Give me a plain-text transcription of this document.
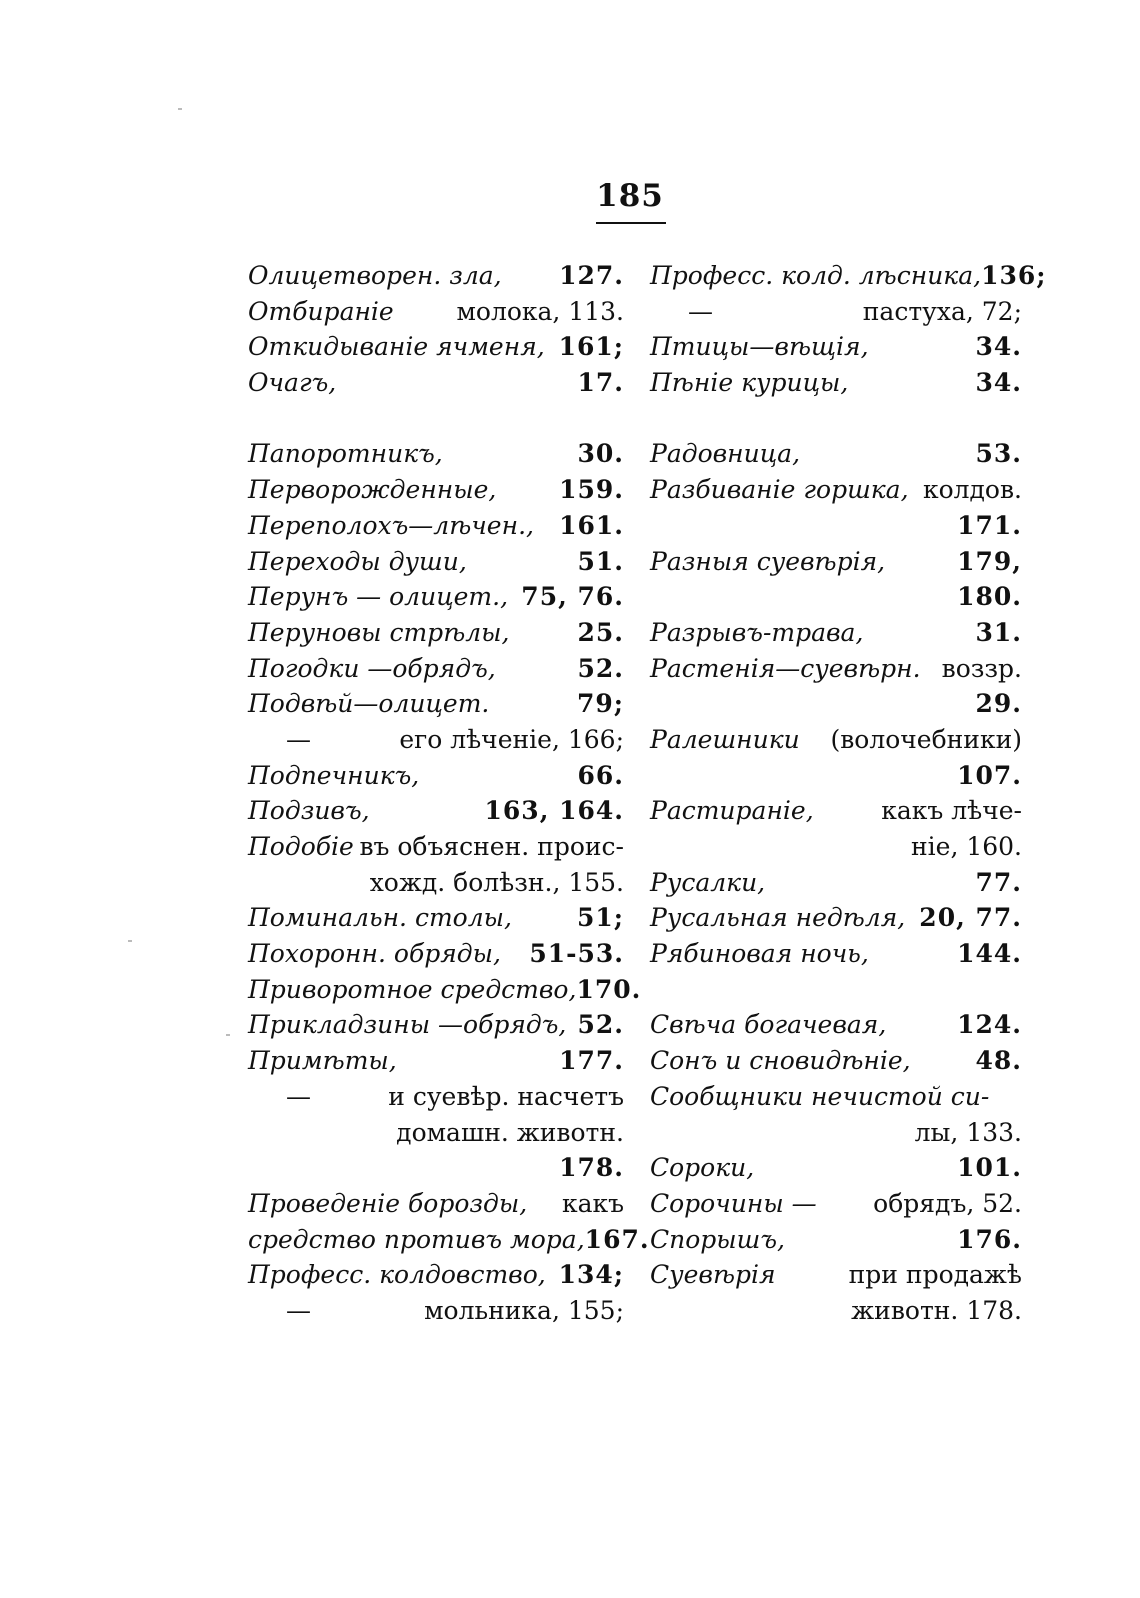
185
Олицетворен. зла, 127.
Отбираніе	молока, 113.
Откидываніе ячменя, 161;
Очагъ,	17.
Папоротникъ,	30.
Перворожденные,	159.
Переполохъ—лѣчен., 161.
Переходы души,	51.
Перунъ — олицет., 75, 76.
Перуновы стрѣлы,	25.
Погодки —обрядъ,	52.
Подвѣй—олицет.	79;
—	его лѣченіе, 166;
Подпечникъ,	66.
Подзивъ,	163, 164.
Подобіе въ объяснен. проис-
хожд. болѣзн., 155.
Поминальн. столы,	51;
Похоронн. обряды, 51-53.
Приворотное средство, 170.
Прикладзины —обрядъ, 52.
Примѣты,	177.
—	и суевѣр. насчетъ
домашн. животн.
178.
Проведеніе борозды, какъ
средство противъ мора, 167.
Професс. колдовство, 134;
—	мольника, 155;
Професс. колд. лѣсника, 136;
—	пастуха, 72;
Птицы—вѣщія,	34.
Пѣніе курицы,	34.
Радовница,	53.
Разбиваніе горшка, колдов.
171.
Разныя суевѣрія,	179,
180.
Разрывъ-трава,	31.
Растенія—суевѣрн. воззр.
29.
Ралешники (волочебники)
107.
Растираніе,	какъ лѣче-
ніе, 160.
Русалки,	77.
Русальная недѣля, 20, 77.
Рябиновая ночь,	144.
Свѣча богачевая,	124.
Сонъ и сновидѣніе,	48.
Сообщники нечистой си-
лы, 133.
Сороки,	101.
Сорочины — обрядъ, 52.
Спорышъ,	176.
Суевѣрія	при продажѣ
животн. 178.
